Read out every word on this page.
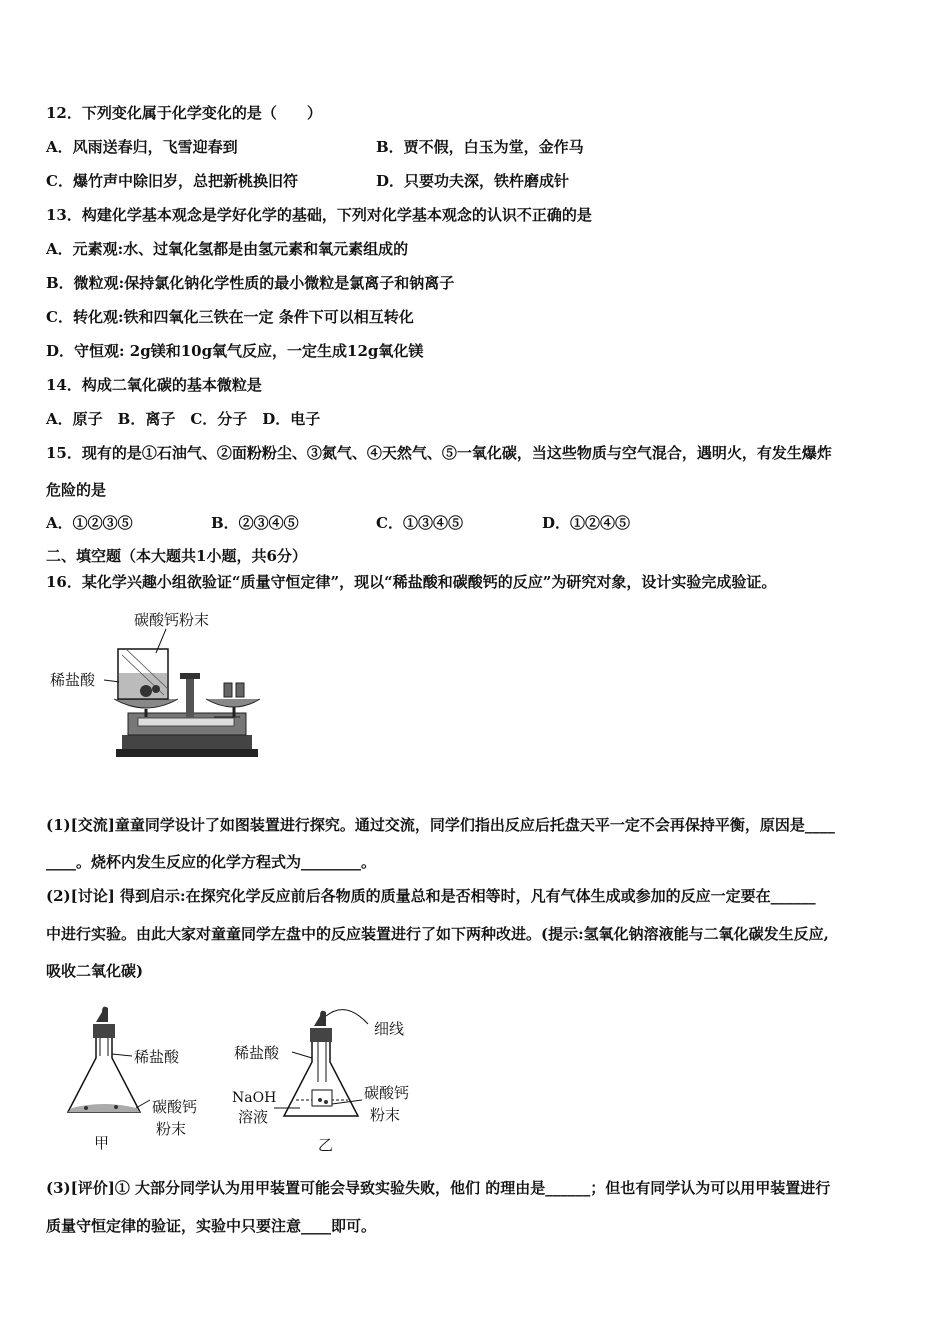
12．下列变化属于化学变化的是（　　）
A．风雨送春归，飞雪迎春到	B．贾不假，白玉为堂，金作马
C．爆竹声中除旧岁，总把新桃换旧符	D．只要功夫深，铁杵磨成针
13．构建化学基本观念是学好化学的基础，下列对化学基本观念的认识不正确的是
A．元素观:水、过氧化氢都是由氢元素和氧元素组成的
B．微粒观:保持氯化钠化学性质的最小微粒是氯离子和钠离子
C．转化观:铁和四氧化三铁在一定 条件下可以相互转化
D．守恒观: 2g镁和10g氧气反应，一定生成12g氧化镁
14．构成二氧化碳的基本微粒是
A．原子　B．离子　C．分子　D．电子
15．现有的是①石油气、②面粉粉尘、③氮气、④天然气、⑤一氧化碳，当这些物质与空气混合，遇明火，有发生爆炸
危险的是
A．①②③⑤	B．②③④⑤	C．①③④⑤	D．①②④⑤
二、填空题（本大题共1小题，共6分）
16．某化学兴趣小组欲验证“质量守恒定律”，现以“稀盐酸和碳酸钙的反应”为研究对象，设计实验完成验证。
碳酸钙粉末
稀盐酸
(1)[交流]童童同学设计了如图装置进行探究。通过交流，同学们指出反应后托盘天平一定不会再保持平衡，原因是____
____。烧杯内发生反应的化学方程式为________。
(2)[讨论] 得到启示:在探究化学反应前后各物质的质量总和是否相等时，凡有气体生成或参加的反应一定要在______
中进行实验。由此大家对童童同学左盘中的反应装置进行了如下两种改进。(提示:氢氧化钠溶液能与二氧化碳发生反应,
吸收二氧化碳)
稀盐酸
碳酸钙
粉末
甲
稀盐酸
细线
NaOH
溶液
碳酸钙
粉末
乙
(3)[评价]① 大部分同学认为用甲装置可能会导致实验失败，他们 的理由是______；但也有同学认为可以用甲装置进行
质量守恒定律的验证，实验中只要注意____即可。
